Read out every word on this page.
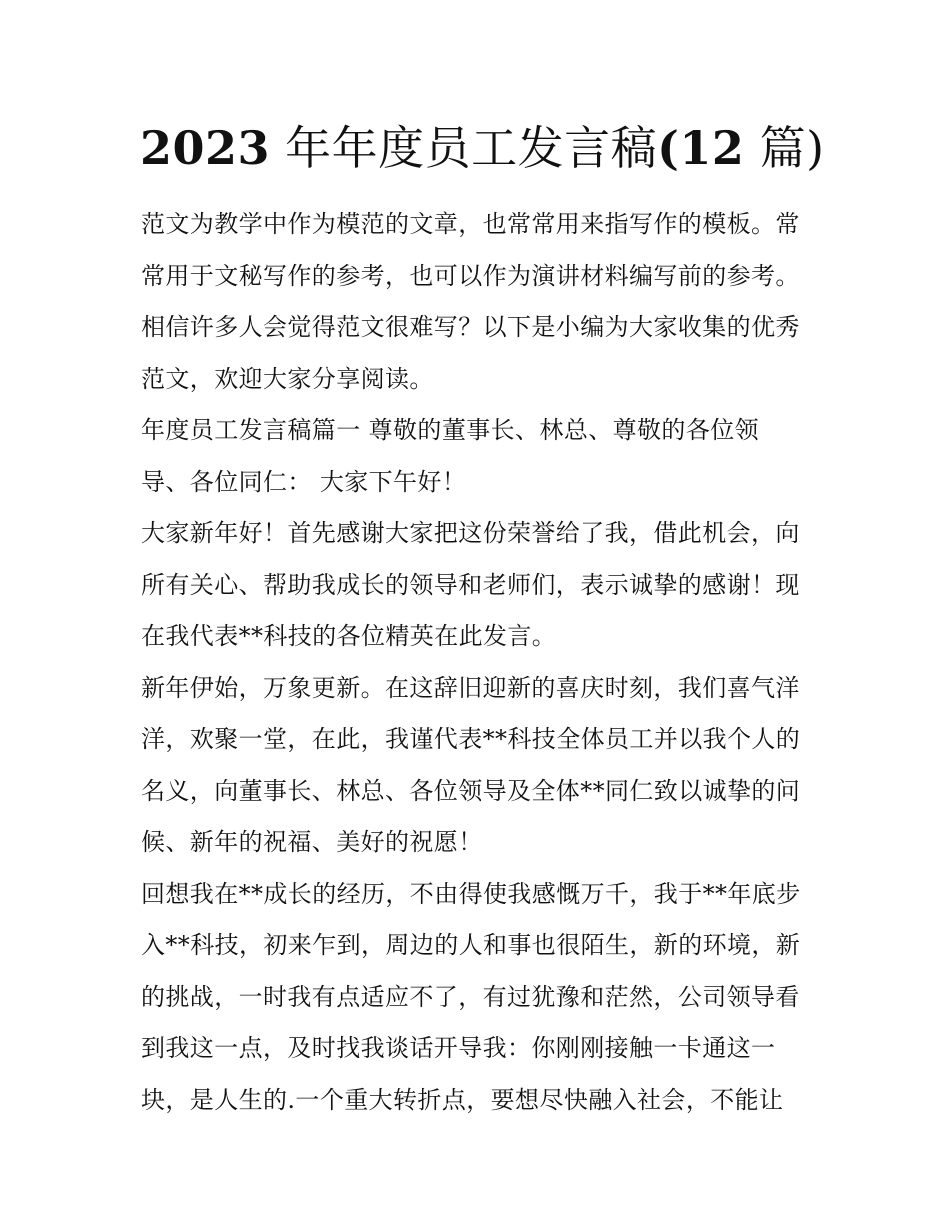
2023 年年度员工发言稿(12 篇)
范文为教学中作为模范的文章，也常常用来指写作的模板。常
常用于文秘写作的参考，也可以作为演讲材料编写前的参考。
相信许多人会觉得范文很难写？以下是小编为大家收集的优秀
范文，欢迎大家分享阅读。
年度员工发言稿篇一 尊敬的董事长、林总、尊敬的各位领
导、各位同仁： 大家下午好！
大家新年好！首先感谢大家把这份荣誉给了我，借此机会，向
所有关心、帮助我成长的领导和老师们，表示诚挚的感谢！现
在我代表**科技的各位精英在此发言。
新年伊始，万象更新。在这辞旧迎新的喜庆时刻，我们喜气洋
洋，欢聚一堂，在此，我谨代表**科技全体员工并以我个人的
名义，向董事长、林总、各位领导及全体**同仁致以诚挚的问
候、新年的祝福、美好的祝愿！
回想我在**成长的经历，不由得使我感慨万千，我于**年底步
入**科技，初来乍到，周边的人和事也很陌生，新的环境，新
的挑战，一时我有点适应不了，有过犹豫和茫然，公司领导看
到我这一点，及时找我谈话开导我：你刚刚接触一卡通这一
块，是人生的.一个重大转折点，要想尽快融入社会，不能让
